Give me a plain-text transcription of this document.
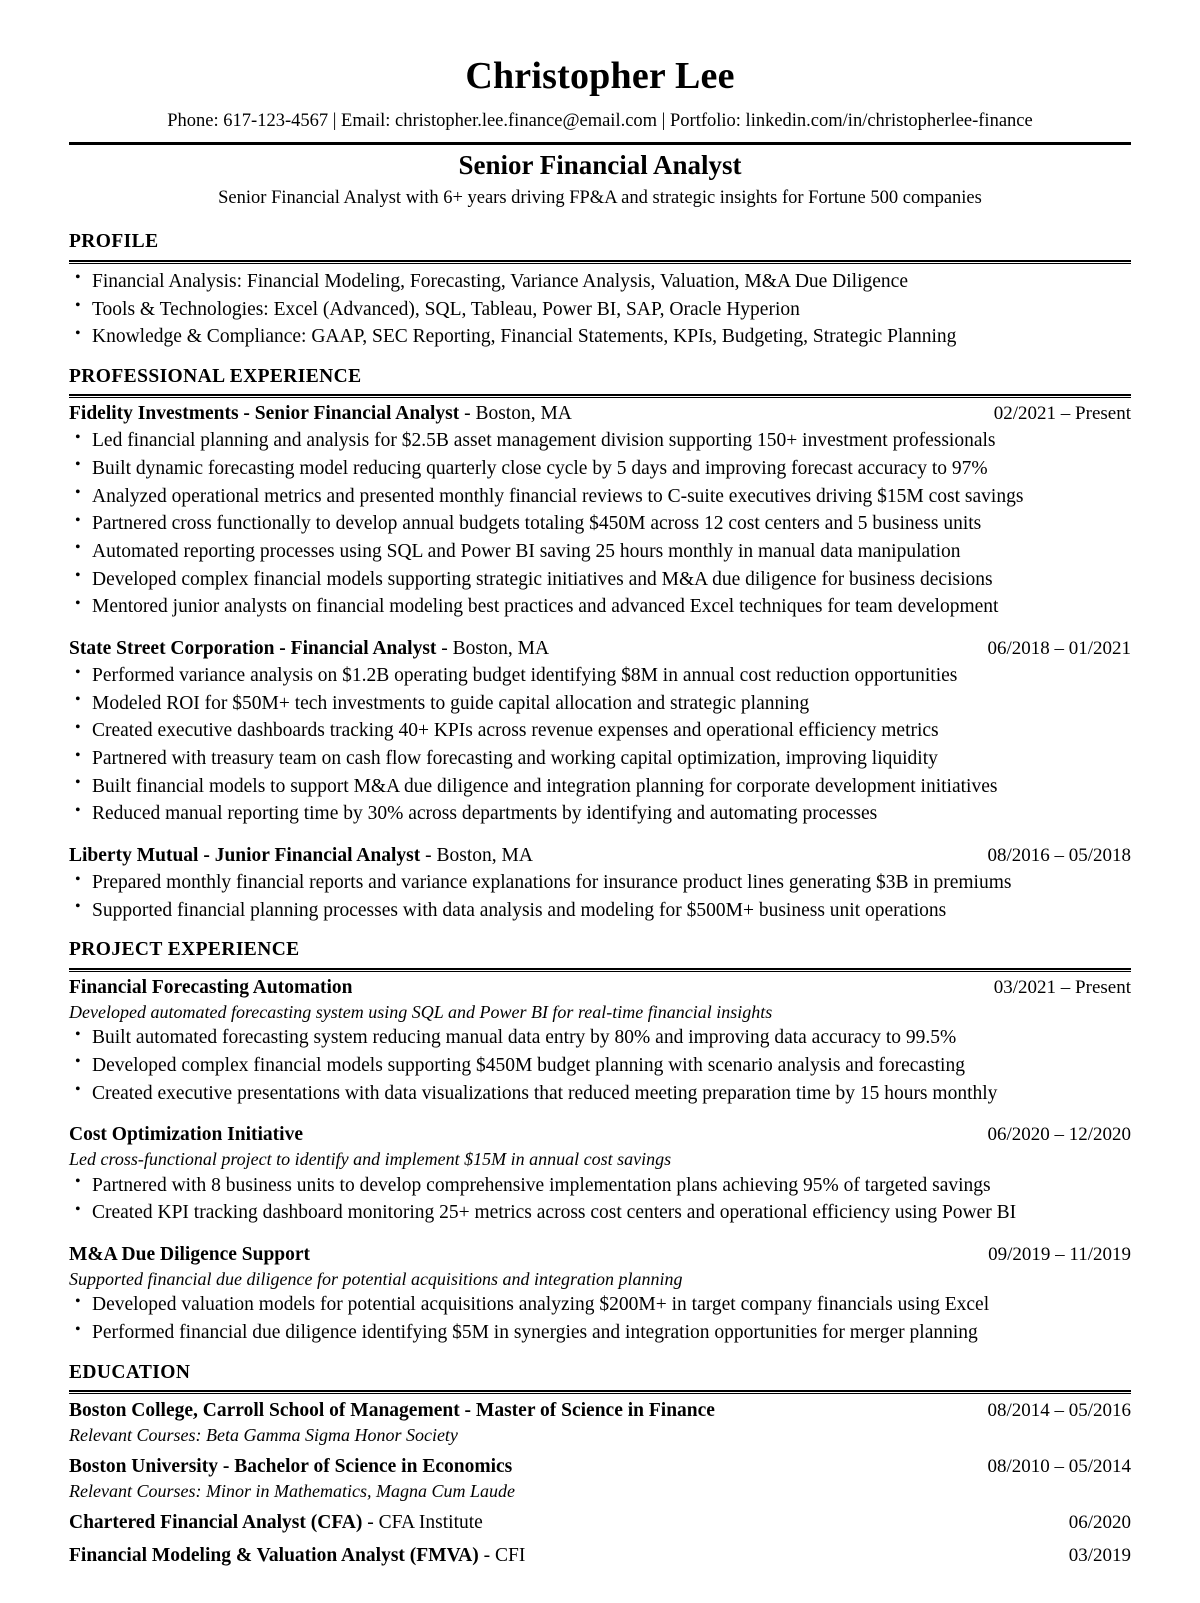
Christopher Lee
Phone: 617-123-4567 | Email: christopher.lee.finance@email.com | Portfolio: linkedin.com/in/christopherlee-finance
Senior Financial Analyst
Senior Financial Analyst with 6+ years driving FP&A and strategic insights for Fortune 500 companies
PROFILE
• Financial Analysis: Financial Modeling, Forecasting, Variance Analysis, Valuation, M&A Due Diligence
• Tools & Technologies: Excel (Advanced), SQL, Tableau, Power BI, SAP, Oracle Hyperion
• Knowledge & Compliance: GAAP, SEC Reporting, Financial Statements, KPIs, Budgeting, Strategic Planning
PROFESSIONAL EXPERIENCE
Fidelity Investments - Senior Financial Analyst - Boston, MA	02/2021 – Present
• Led financial planning and analysis for $2.5B asset management division supporting 150+ investment professionals
• Built dynamic forecasting model reducing quarterly close cycle by 5 days and improving forecast accuracy to 97%
• Analyzed operational metrics and presented monthly financial reviews to C-suite executives driving $15M cost savings
• Partnered cross functionally to develop annual budgets totaling $450M across 12 cost centers and 5 business units
• Automated reporting processes using SQL and Power BI saving 25 hours monthly in manual data manipulation
• Developed complex financial models supporting strategic initiatives and M&A due diligence for business decisions
• Mentored junior analysts on financial modeling best practices and advanced Excel techniques for team development
State Street Corporation - Financial Analyst - Boston, MA	06/2018 – 01/2021
• Performed variance analysis on $1.2B operating budget identifying $8M in annual cost reduction opportunities
• Modeled ROI for $50M+ tech investments to guide capital allocation and strategic planning
• Created executive dashboards tracking 40+ KPIs across revenue expenses and operational efficiency metrics
• Partnered with treasury team on cash flow forecasting and working capital optimization, improving liquidity
• Built financial models to support M&A due diligence and integration planning for corporate development initiatives
• Reduced manual reporting time by 30% across departments by identifying and automating processes
Liberty Mutual - Junior Financial Analyst - Boston, MA	08/2016 – 05/2018
• Prepared monthly financial reports and variance explanations for insurance product lines generating $3B in premiums
• Supported financial planning processes with data analysis and modeling for $500M+ business unit operations
PROJECT EXPERIENCE
Financial Forecasting Automation	03/2021 – Present
Developed automated forecasting system using SQL and Power BI for real-time financial insights
• Built automated forecasting system reducing manual data entry by 80% and improving data accuracy to 99.5%
• Developed complex financial models supporting $450M budget planning with scenario analysis and forecasting
• Created executive presentations with data visualizations that reduced meeting preparation time by 15 hours monthly
Cost Optimization Initiative	06/2020 – 12/2020
Led cross-functional project to identify and implement $15M in annual cost savings
• Partnered with 8 business units to develop comprehensive implementation plans achieving 95% of targeted savings
• Created KPI tracking dashboard monitoring 25+ metrics across cost centers and operational efficiency using Power BI
M&A Due Diligence Support	09/2019 – 11/2019
Supported financial due diligence for potential acquisitions and integration planning
• Developed valuation models for potential acquisitions analyzing $200M+ in target company financials using Excel
• Performed financial due diligence identifying $5M in synergies and integration opportunities for merger planning
EDUCATION
Boston College, Carroll School of Management - Master of Science in Finance	08/2014 – 05/2016
Relevant Courses: Beta Gamma Sigma Honor Society
Boston University - Bachelor of Science in Economics	08/2010 – 05/2014
Relevant Courses: Minor in Mathematics, Magna Cum Laude
Chartered Financial Analyst (CFA) - CFA Institute	06/2020
Financial Modeling & Valuation Analyst (FMVA) - CFI	03/2019
